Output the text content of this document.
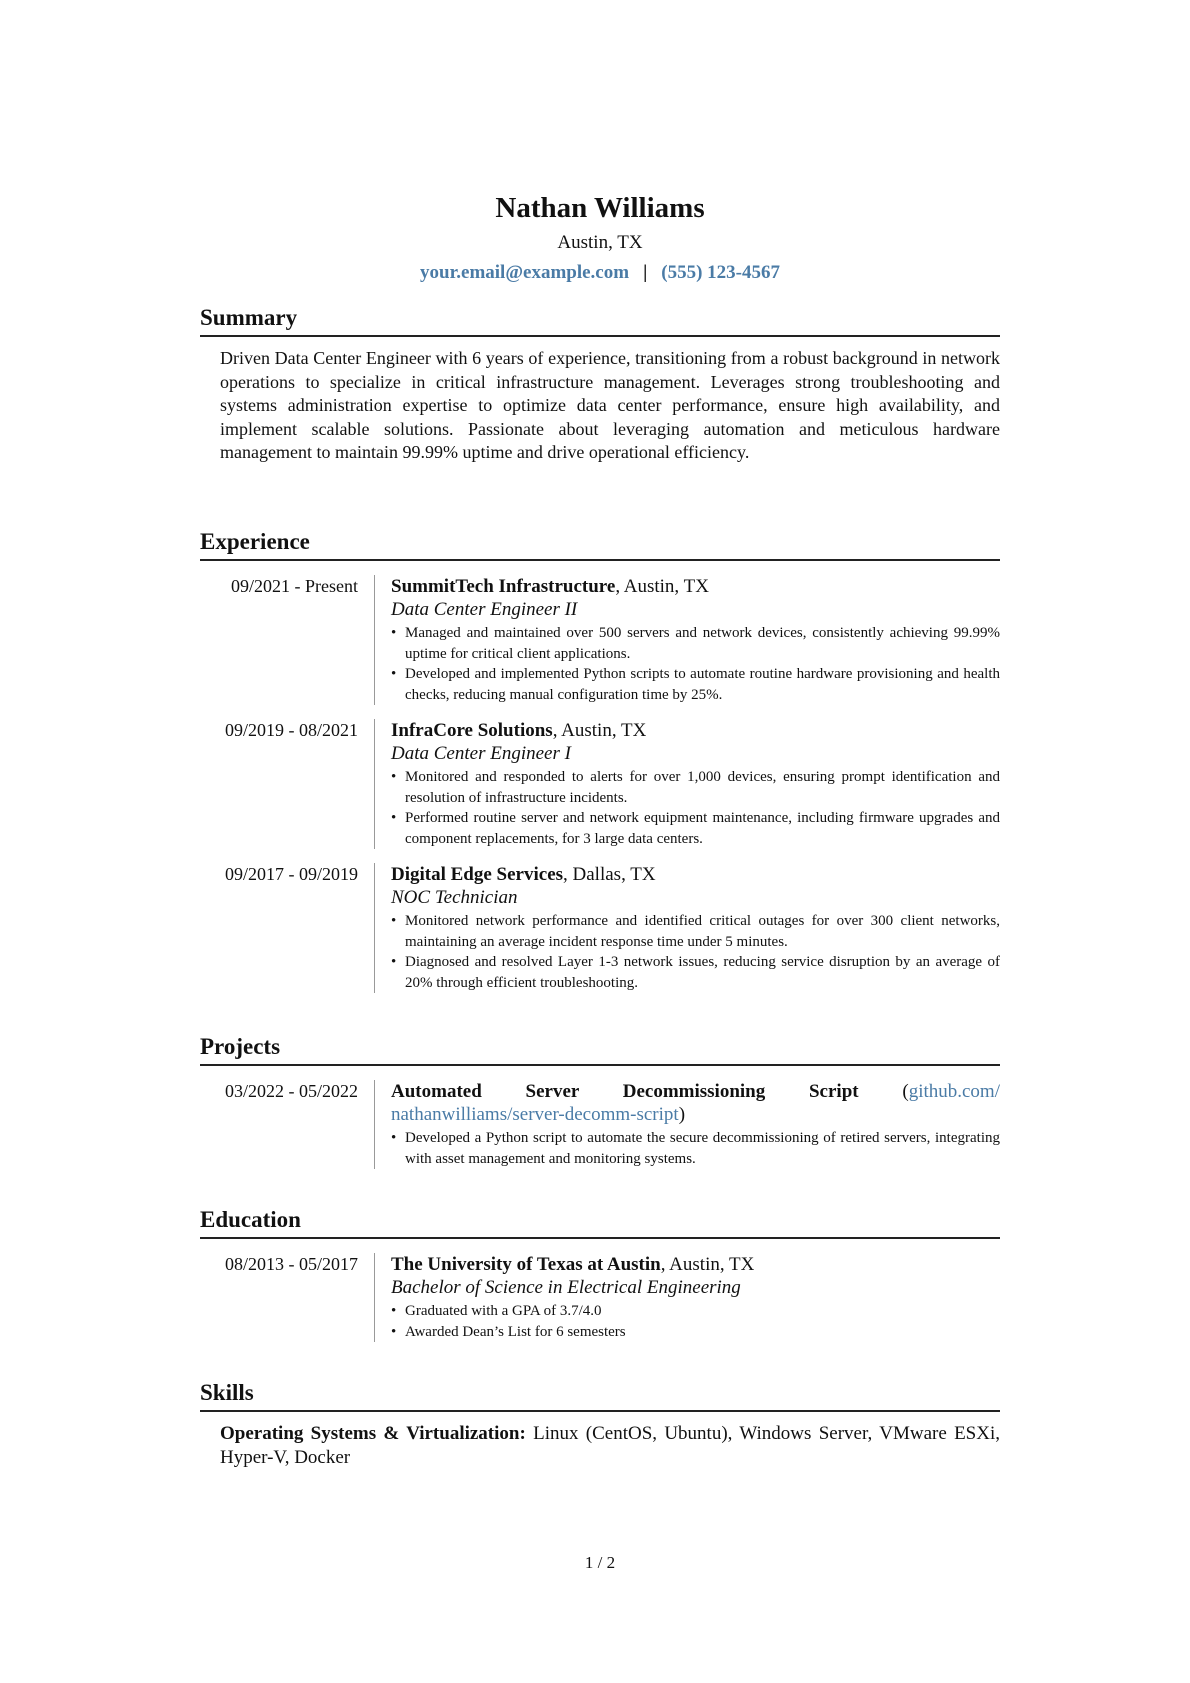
Nathan Williams
Austin, TX
your.email@example.com | (555) 123-4567
Summary
Driven Data Center Engineer with 6 years of experience, transitioning from a robust background in network operations to specialize in critical infrastructure management. Leverages strong troubleshooting and systems administration expertise to optimize data center performance, ensure high availability, and implement scalable solutions. Passionate about leveraging automation and meticulous hardware management to maintain 99.99% uptime and drive operational efficiency.
Experience
09/2021 - Present	SummitTech Infrastructure, Austin, TX
Data Center Engineer II
• Managed and maintained over 500 servers and network devices, consistently achieving 99.99% uptime for critical client applications.
• Developed and implemented Python scripts to automate routine hardware provisioning and health checks, reducing manual configuration time by 25%.
09/2019 - 08/2021	InfraCore Solutions, Austin, TX
Data Center Engineer I
• Monitored and responded to alerts for over 1,000 devices, ensuring prompt identification and resolution of infrastructure incidents.
• Performed routine server and network equipment maintenance, including firmware upgrades and component replacements, for 3 large data centers.
09/2017 - 09/2019	Digital Edge Services, Dallas, TX
NOC Technician
• Monitored network performance and identified critical outages for over 300 client networks, maintaining an average incident response time under 5 minutes.
• Diagnosed and resolved Layer 1-3 network issues, reducing service disruption by an average of 20% through efficient troubleshooting.
Projects
03/2022 - 05/2022	Automated Server Decommissioning Script (github.com/
nathanwilliams/server-decomm-script)
• Developed a Python script to automate the secure decommissioning of retired servers, integrating with asset management and monitoring systems.
Education
08/2013 - 05/2017	The University of Texas at Austin, Austin, TX
Bachelor of Science in Electrical Engineering
• Graduated with a GPA of 3.7/4.0
• Awarded Dean’s List for 6 semesters
Skills
Operating Systems & Virtualization: Linux (CentOS, Ubuntu), Windows Server, VMware ESXi, Hyper-V, Docker
1 / 2
